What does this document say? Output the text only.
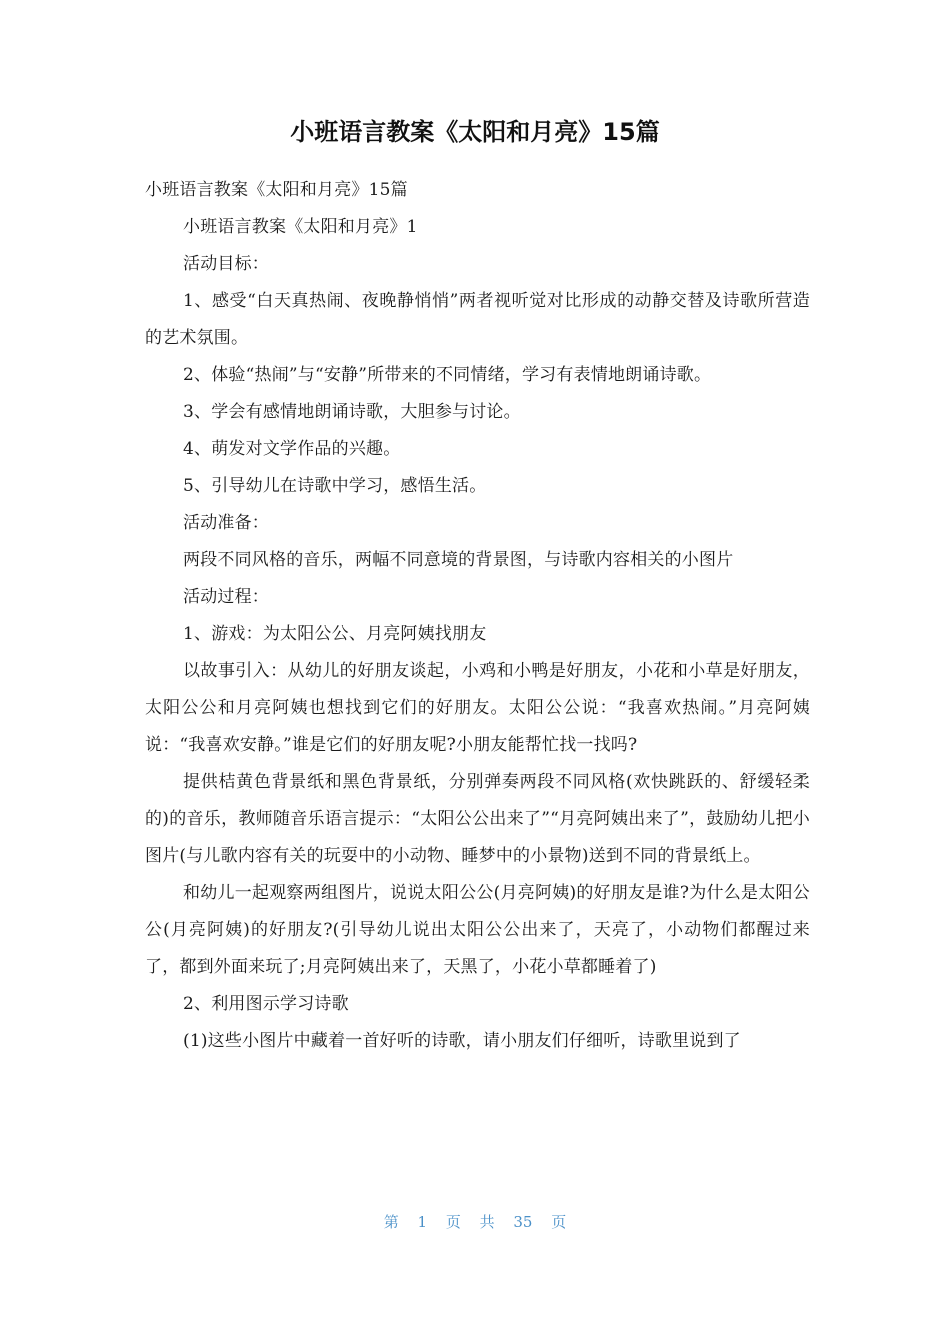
小班语言教案《太阳和月亮》15篇

小班语言教案《太阳和月亮》15篇

小班语言教案《太阳和月亮》1

活动目标：

1、感受“白天真热闹、夜晚静悄悄”两者视听觉对比形成的动静交替及诗歌所营造的艺术氛围。

2、体验“热闹”与“安静”所带来的不同情绪，学习有表情地朗诵诗歌。

3、学会有感情地朗诵诗歌，大胆参与讨论。

4、萌发对文学作品的兴趣。

5、引导幼儿在诗歌中学习，感悟生活。

活动准备：

两段不同风格的音乐，两幅不同意境的背景图，与诗歌内容相关的小图片

活动过程：

1、游戏：为太阳公公、月亮阿姨找朋友

以故事引入：从幼儿的好朋友谈起，小鸡和小鸭是好朋友，小花和小草是好朋友，太阳公公和月亮阿姨也想找到它们的好朋友。太阳公公说：“我喜欢热闹。”月亮阿姨说：“我喜欢安静。”谁是它们的好朋友呢?小朋友能帮忙找一找吗?

提供桔黄色背景纸和黑色背景纸，分别弹奏两段不同风格(欢快跳跃的、舒缓轻柔的)的音乐，教师随音乐语言提示：“太阳公公出来了”“月亮阿姨出来了”，鼓励幼儿把小图片(与儿歌内容有关的玩耍中的小动物、睡梦中的小景物)送到不同的背景纸上。

和幼儿一起观察两组图片，说说太阳公公(月亮阿姨)的好朋友是谁?为什么是太阳公公(月亮阿姨)的好朋友?(引导幼儿说出太阳公公出来了，天亮了，小动物们都醒过来了，都到外面来玩了;月亮阿姨出来了，天黑了，小花小草都睡着了)

2、利用图示学习诗歌

(1)这些小图片中藏着一首好听的诗歌，请小朋友们仔细听，诗歌里说到了

第 1 页 共 35 页
